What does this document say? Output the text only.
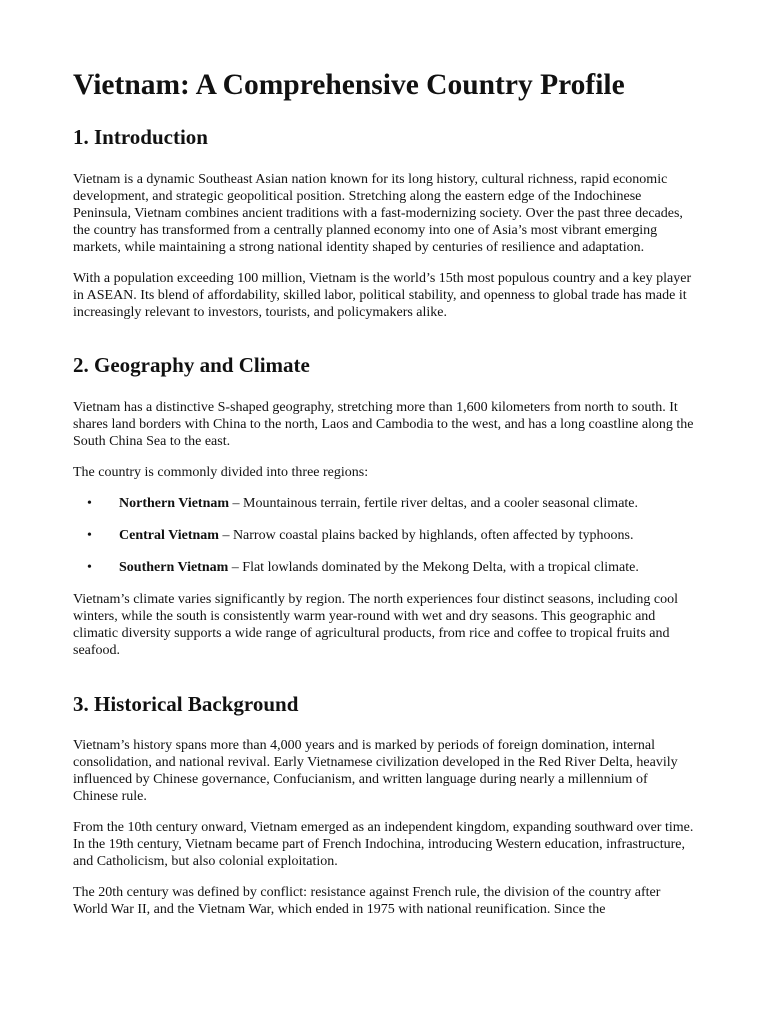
Vietnam: A Comprehensive Country Profile
1. Introduction

Vietnam is a dynamic Southeast Asian nation known for its long history, cultural richness, rapid economic development, and strategic geopolitical position. Stretching along the eastern edge of the Indochinese Peninsula, Vietnam combines ancient traditions with a fast-modernizing society. Over the past three decades, the country has transformed from a centrally planned economy into one of Asia’s most vibrant emerging markets, while maintaining a strong national identity shaped by centuries of resilience and adaptation.

With a population exceeding 100 million, Vietnam is the world’s 15th most populous country and a key player in ASEAN. Its blend of affordability, skilled labor, political stability, and openness to global trade has made it increasingly relevant to investors, tourists, and policymakers alike.

2. Geography and Climate

Vietnam has a distinctive S-shaped geography, stretching more than 1,600 kilometers from north to south. It shares land borders with China to the north, Laos and Cambodia to the west, and has a long coastline along the South China Sea to the east.

The country is commonly divided into three regions:

• Northern Vietnam – Mountainous terrain, fertile river deltas, and a cooler seasonal climate.
• Central Vietnam – Narrow coastal plains backed by highlands, often affected by typhoons.
• Southern Vietnam – Flat lowlands dominated by the Mekong Delta, with a tropical climate.

Vietnam’s climate varies significantly by region. The north experiences four distinct seasons, including cool winters, while the south is consistently warm year-round with wet and dry seasons. This geographic and climatic diversity supports a wide range of agricultural products, from rice and coffee to tropical fruits and seafood.

3. Historical Background

Vietnam’s history spans more than 4,000 years and is marked by periods of foreign domination, internal consolidation, and national revival. Early Vietnamese civilization developed in the Red River Delta, heavily influenced by Chinese governance, Confucianism, and written language during nearly a millennium of Chinese rule.

From the 10th century onward, Vietnam emerged as an independent kingdom, expanding southward over time. In the 19th century, Vietnam became part of French Indochina, introducing Western education, infrastructure, and Catholicism, but also colonial exploitation.

The 20th century was defined by conflict: resistance against French rule, the division of the country after World War II, and the Vietnam War, which ended in 1975 with national reunification. Since the
